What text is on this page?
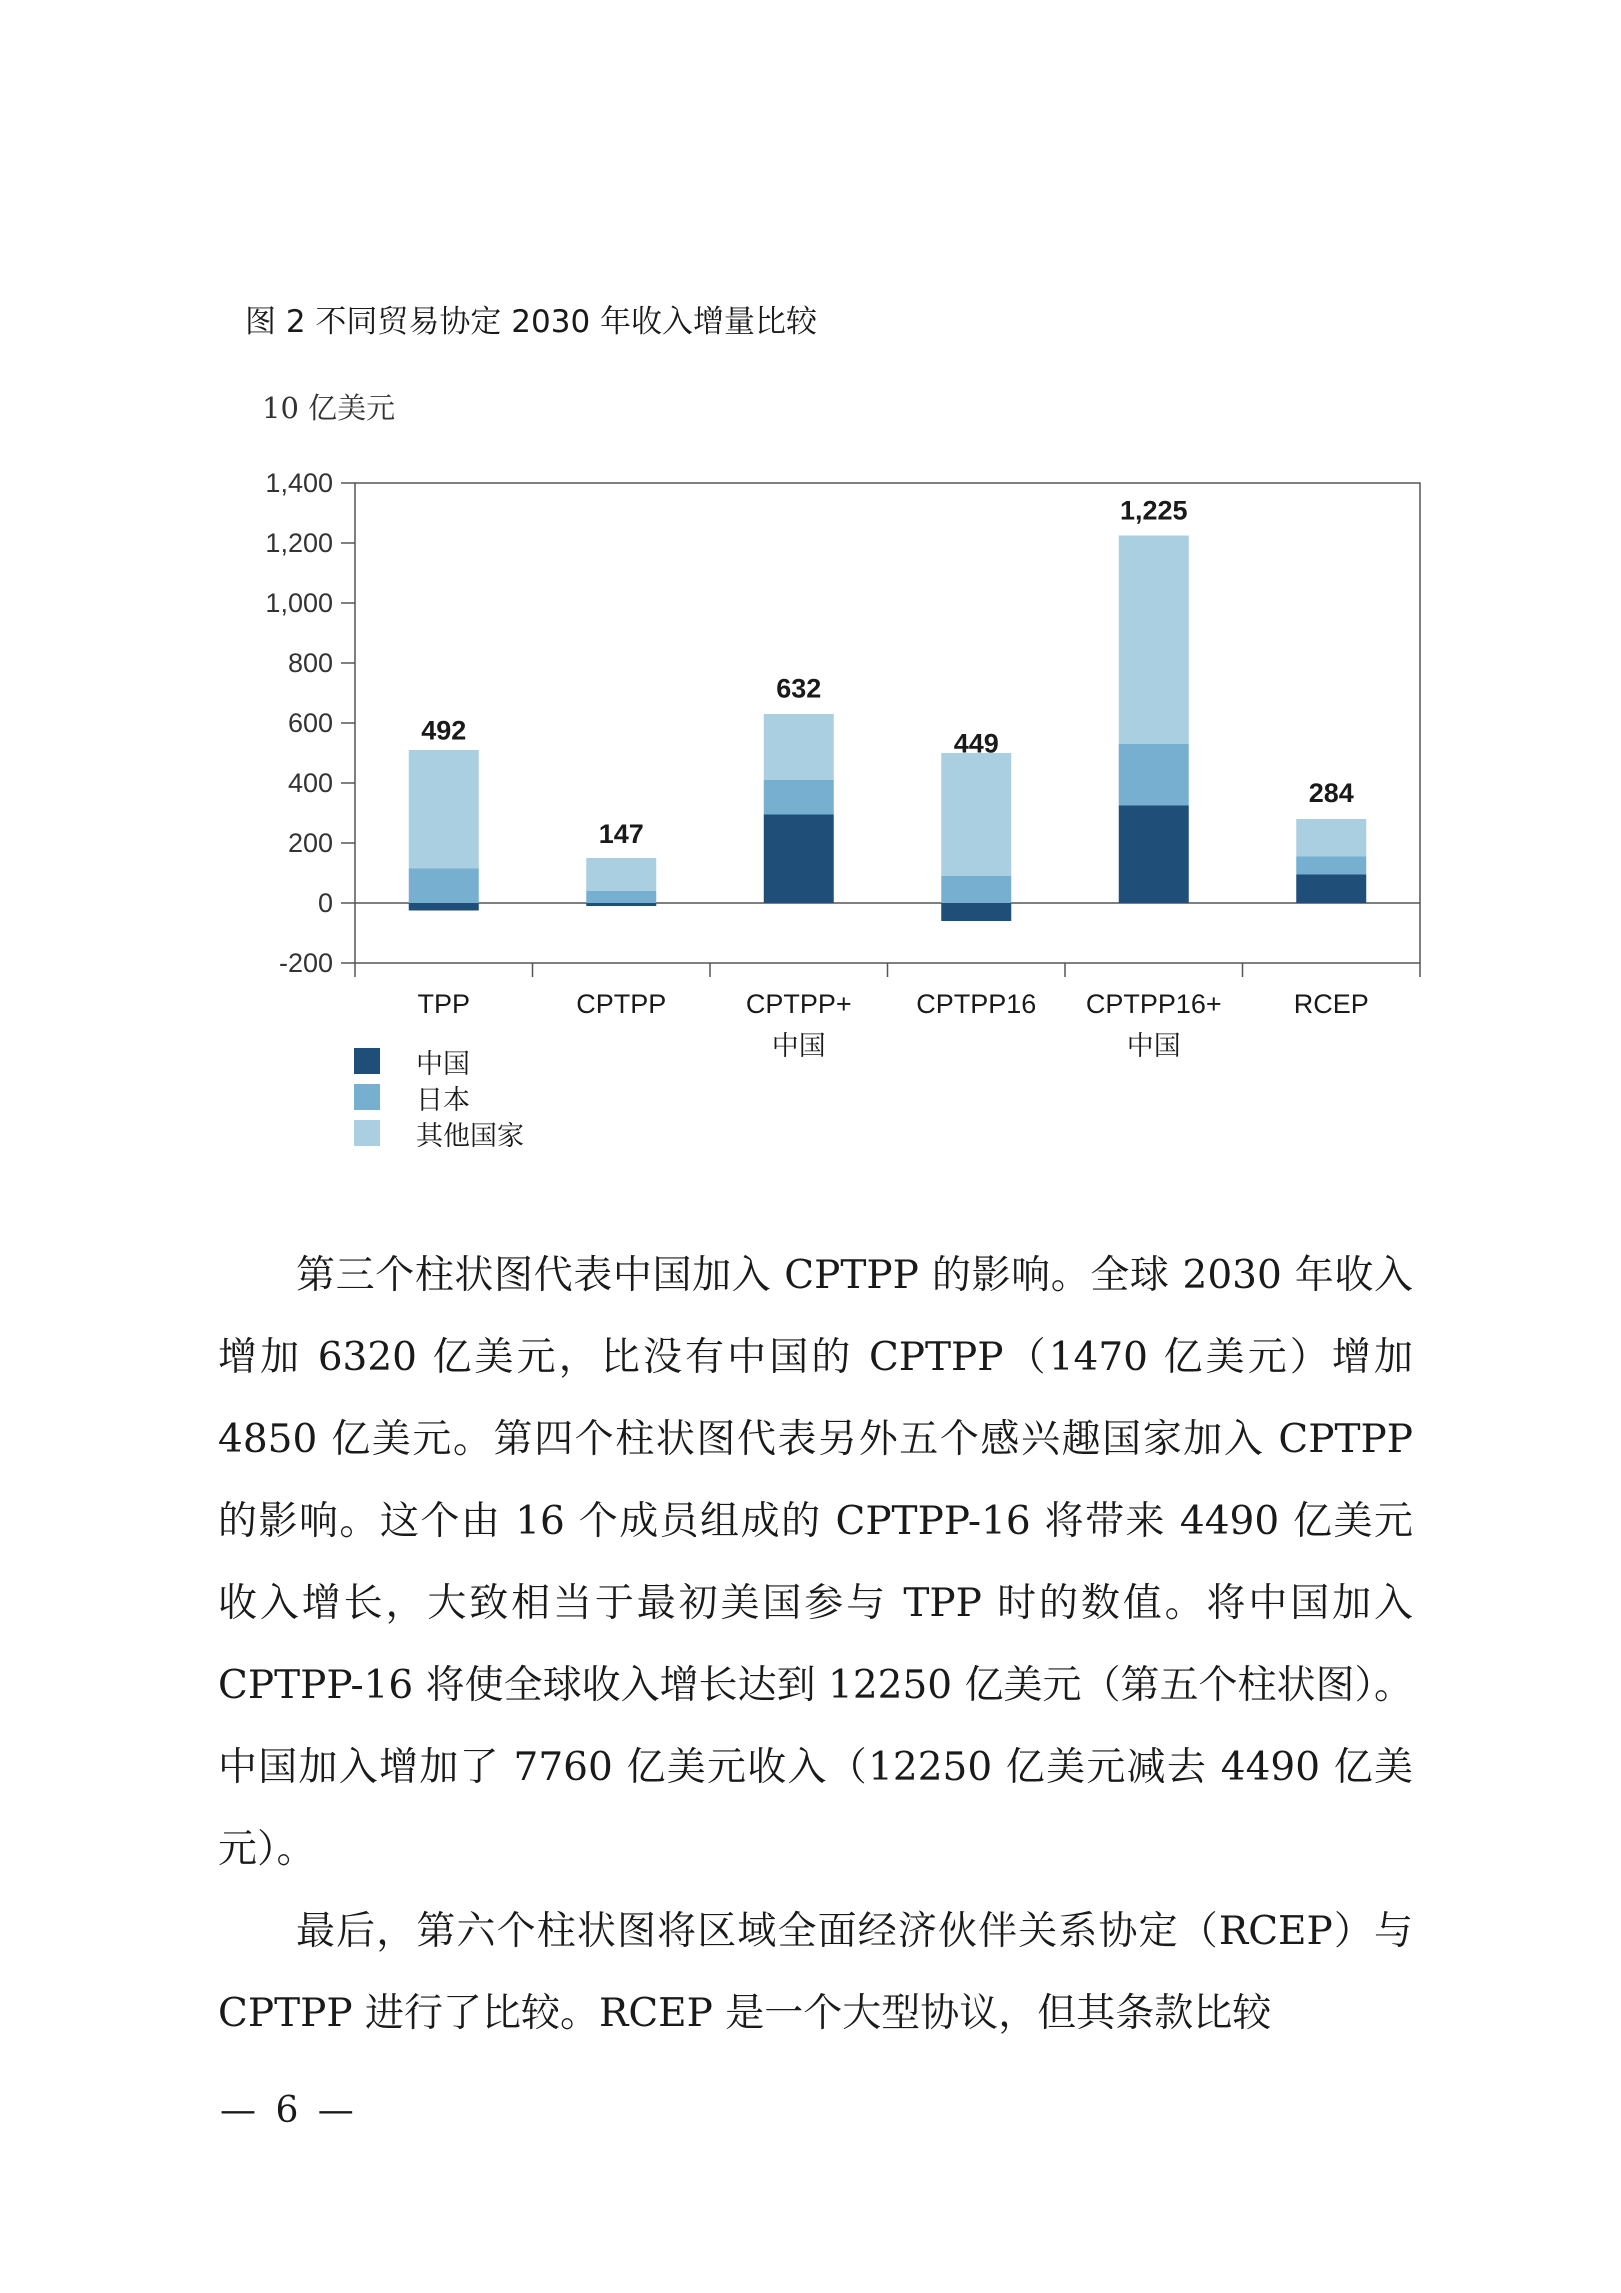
图 2 不同贸易协定 2030 年收入增量比较
10 亿美元
-200
0
200
400
600
800
1,000
1,200
1,400
492
TPP
147
CPTPP
632
CPTPP+
中国
449
CPTPP16
1,225
CPTPP16+
中国
284
RCEP
中国
日本
其他国家

第三个柱状图代表中国加入 CPTPP 的影响。全球 2030 年收入增加 6320 亿美元，比没有中国的 CPTPP（1470 亿美元）增加 4850 亿美元。第四个柱状图代表另外五个感兴趣国家加入 CPTPP 的影响。这个由 16 个成员组成的 CPTPP-16 将带来 4490 亿美元收入增长，大致相当于最初美国参与 TPP 时的数值。将中国加入 CPTPP-16 将使全球收入增长达到 12250 亿美元（第五个柱状图）。中国加入增加了 7760 亿美元收入（12250 亿美元减去 4490 亿美元）。

最后，第六个柱状图将区域全面经济伙伴关系协定（RCEP）与 CPTPP 进行了比较。RCEP 是一个大型协议，但其条款比较

— 6 —
